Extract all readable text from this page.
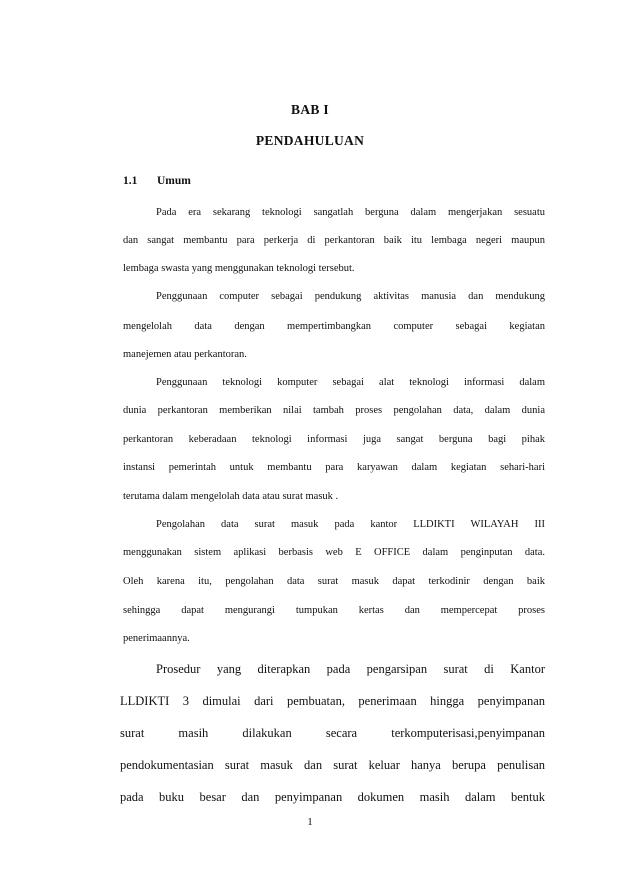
BAB I
PENDAHULUAN
1.1 Umum
Pada era sekarang teknologi sangatlah berguna dalam mengerjakan sesuatu
dan sangat membantu para perkerja di perkantoran baik itu lembaga negeri maupun
lembaga swasta yang menggunakan teknologi tersebut.
Penggunaan computer sebagai pendukung aktivitas manusia dan mendukung
mengelolah data dengan mempertimbangkan computer sebagai kegiatan
manejemen atau perkantoran.
Penggunaan teknologi komputer sebagai alat teknologi informasi dalam
dunia perkantoran memberikan nilai tambah proses pengolahan data, dalam dunia
perkantoran keberadaan teknologi informasi juga sangat berguna bagi pihak
instansi pemerintah untuk membantu para karyawan dalam kegiatan sehari-hari
terutama dalam mengelolah data atau surat masuk .
Pengolahan data surat masuk pada kantor LLDIKTI WILAYAH III
menggunakan sistem aplikasi berbasis web E OFFICE dalam penginputan data.
Oleh karena itu, pengolahan data surat masuk dapat terkodinir dengan baik
sehingga dapat mengurangi tumpukan kertas dan mempercepat proses
penerimaannya.
Prosedur yang diterapkan pada pengarsipan surat di Kantor
LLDIKTI 3 dimulai dari pembuatan, penerimaan hingga penyimpanan
surat masih dilakukan secara terkomputerisasi,penyimpanan
pendokumentasian surat masuk dan surat keluar hanya berupa penulisan
pada buku besar dan penyimpanan dokumen masih dalam bentuk
1
